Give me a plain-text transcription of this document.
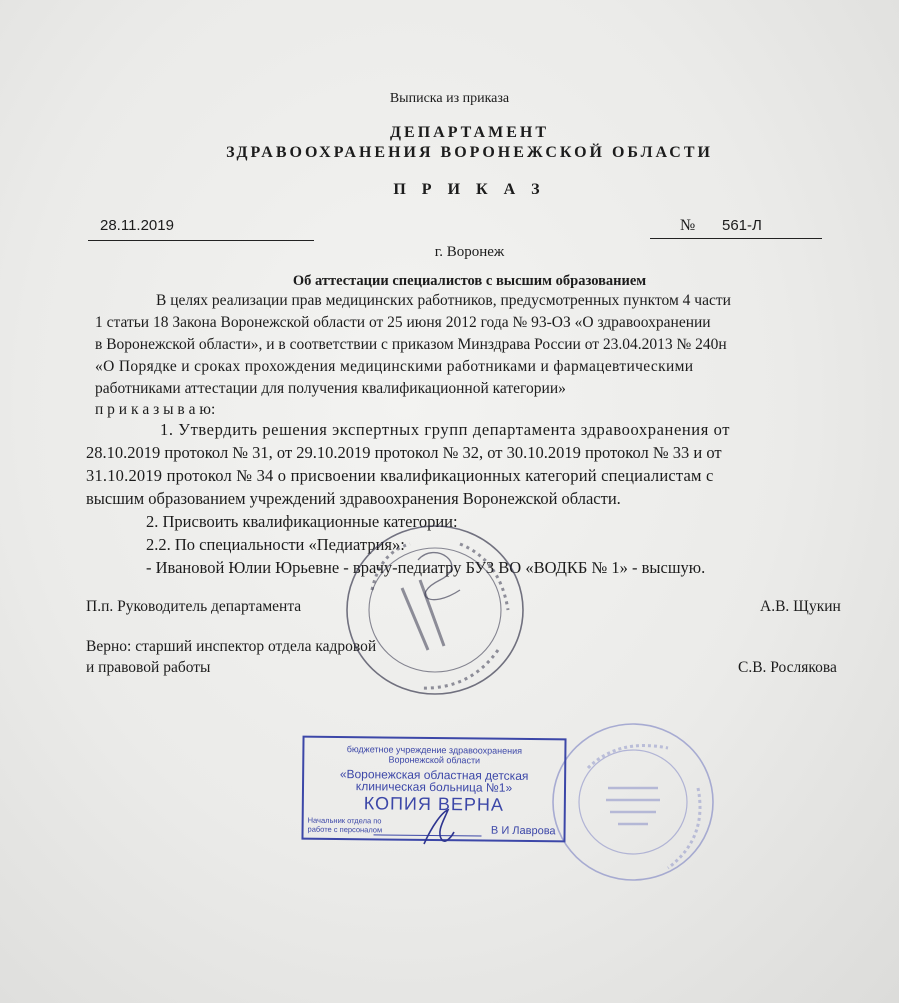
Выписка из приказа
ДЕПАРТАМЕНТ
ЗДРАВООХРАНЕНИЯ ВОРОНЕЖСКОЙ ОБЛАСТИ
П Р И К А З
28.11.2019	№ 561-Л
г. Воронеж
Об аттестации специалистов с высшим образованием
В целях реализации прав медицинских работников, предусмотренных пунктом 4 части
1 статьи 18 Закона Воронежской области от 25 июня 2012 года № 93-ОЗ «О здравоохранении
в Воронежской области», и в соответствии с приказом Минздрава России от 23.04.2013 № 240н
«О Порядке и сроках прохождения медицинскими работниками и фармацевтическими
работниками аттестации для получения квалификационной категории»
п р и к а з ы в а ю:
1. Утвердить решения экспертных групп департамента здравоохранения от
28.10.2019 протокол № 31, от 29.10.2019 протокол № 32, от 30.10.2019 протокол № 33 и от
31.10.2019 протокол № 34 о присвоении квалификационных категорий специалистам с
высшим образованием учреждений здравоохранения Воронежской области.
2. Присвоить квалификационные категории:
2.2. По специальности «Педиатрия»:
- Ивановой Юлии Юрьевне - врачу-педиатру БУЗ ВО «ВОДКБ № 1» - высшую.
П.п. Руководитель департамента	А.В. Щукин
Верно: старший инспектор отдела кадровой
и правовой работы	С.В. Рослякова
бюджетное учреждение здравоохранения
Воронежской области
«Воронежская областная детская
клиническая больница №1»
КОПИЯ ВЕРНА
Начальник отдела по
работе с персоналом	В И Лаврова
